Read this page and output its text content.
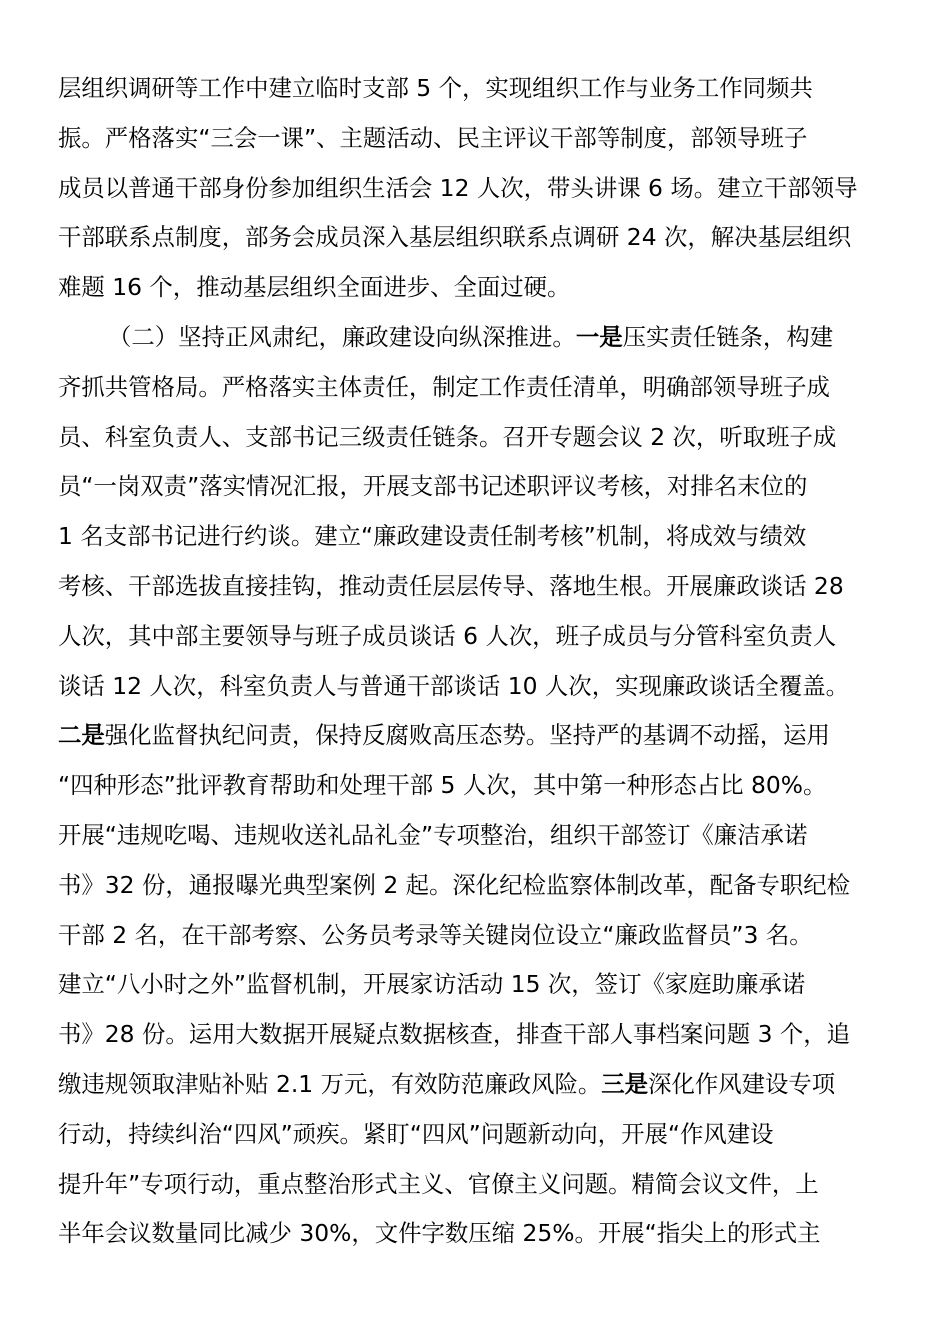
层组织调研等工作中建立临时支部 5 个，实现组织工作与业务工作同频共
振。严格落实“三会一课”、主题活动、民主评议干部等制度，部领导班子
成员以普通干部身份参加组织生活会 12 人次，带头讲课 6 场。建立干部领导
干部联系点制度，部务会成员深入基层组织联系点调研 24 次，解决基层组织
难题 16 个，推动基层组织全面进步、全面过硬。
（二）坚持正风肃纪，廉政建设向纵深推进。一是压实责任链条，构建
齐抓共管格局。严格落实主体责任，制定工作责任清单，明确部领导班子成
员、科室负责人、支部书记三级责任链条。召开专题会议 2 次，听取班子成
员“一岗双责”落实情况汇报，开展支部书记述职评议考核，对排名末位的
1 名支部书记进行约谈。建立“廉政建设责任制考核”机制，将成效与绩效
考核、干部选拔直接挂钩，推动责任层层传导、落地生根。开展廉政谈话 28
人次，其中部主要领导与班子成员谈话 6 人次，班子成员与分管科室负责人
谈话 12 人次，科室负责人与普通干部谈话 10 人次，实现廉政谈话全覆盖。
二是强化监督执纪问责，保持反腐败高压态势。坚持严的基调不动摇，运用
“四种形态”批评教育帮助和处理干部 5 人次，其中第一种形态占比 80%。
开展“违规吃喝、违规收送礼品礼金”专项整治，组织干部签订《廉洁承诺
书》32 份，通报曝光典型案例 2 起。深化纪检监察体制改革，配备专职纪检
干部 2 名，在干部考察、公务员考录等关键岗位设立“廉政监督员”3 名。
建立“八小时之外”监督机制，开展家访活动 15 次，签订《家庭助廉承诺
书》28 份。运用大数据开展疑点数据核查，排查干部人事档案问题 3 个，追
缴违规领取津贴补贴 2.1 万元，有效防范廉政风险。三是深化作风建设专项
行动，持续纠治“四风”顽疾。紧盯“四风”问题新动向，开展“作风建设
提升年”专项行动，重点整治形式主义、官僚主义问题。精简会议文件，上
半年会议数量同比减少 30%，文件字数压缩 25%。开展“指尖上的形式主
